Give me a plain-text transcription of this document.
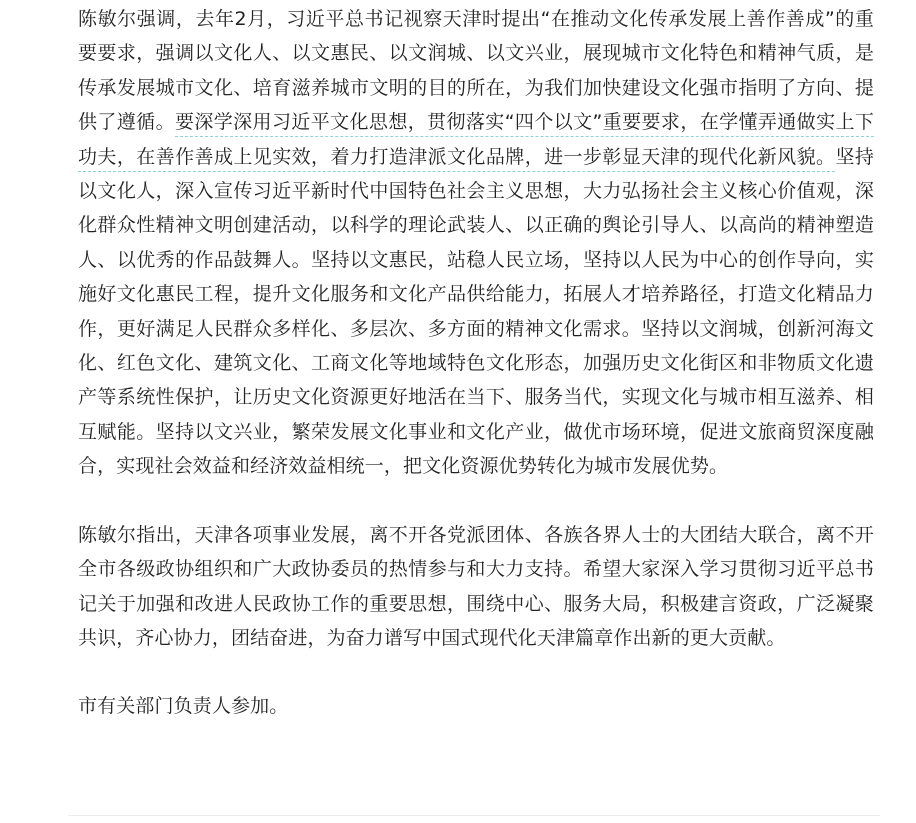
陈敏尔强调，去年2月，习近平总书记视察天津时提出“在推动文化传承发展上善作善成”的重要要求，强调以文化人、以文惠民、以文润城、以文兴业，展现城市文化特色和精神气质，是传承发展城市文化、培育滋养城市文明的目的所在，为我们加快建设文化强市指明了方向、提供了遵循。要深学深用习近平文化思想，贯彻落实“四个以文”重要要求，在学懂弄通做实上下功夫，在善作善成上见实效，着力打造津派文化品牌，进一步彰显天津的现代化新风貌。坚持以文化人，深入宣传习近平新时代中国特色社会主义思想，大力弘扬社会主义核心价值观，深化群众性精神文明创建活动，以科学的理论武装人、以正确的舆论引导人、以高尚的精神塑造人、以优秀的作品鼓舞人。坚持以文惠民，站稳人民立场，坚持以人民为中心的创作导向，实施好文化惠民工程，提升文化服务和文化产品供给能力，拓展人才培养路径，打造文化精品力作，更好满足人民群众多样化、多层次、多方面的精神文化需求。坚持以文润城，创新河海文化、红色文化、建筑文化、工商文化等地域特色文化形态，加强历史文化街区和非物质文化遗产等系统性保护，让历史文化资源更好地活在当下、服务当代，实现文化与城市相互滋养、相互赋能。坚持以文兴业，繁荣发展文化事业和文化产业，做优市场环境，促进文旅商贸深度融合，实现社会效益和经济效益相统一，把文化资源优势转化为城市发展优势。

陈敏尔指出，天津各项事业发展，离不开各党派团体、各族各界人士的大团结大联合，离不开全市各级政协组织和广大政协委员的热情参与和大力支持。希望大家深入学习贯彻习近平总书记关于加强和改进人民政协工作的重要思想，围绕中心、服务大局，积极建言资政，广泛凝聚共识，齐心协力，团结奋进，为奋力谱写中国式现代化天津篇章作出新的更大贡献。

市有关部门负责人参加。
